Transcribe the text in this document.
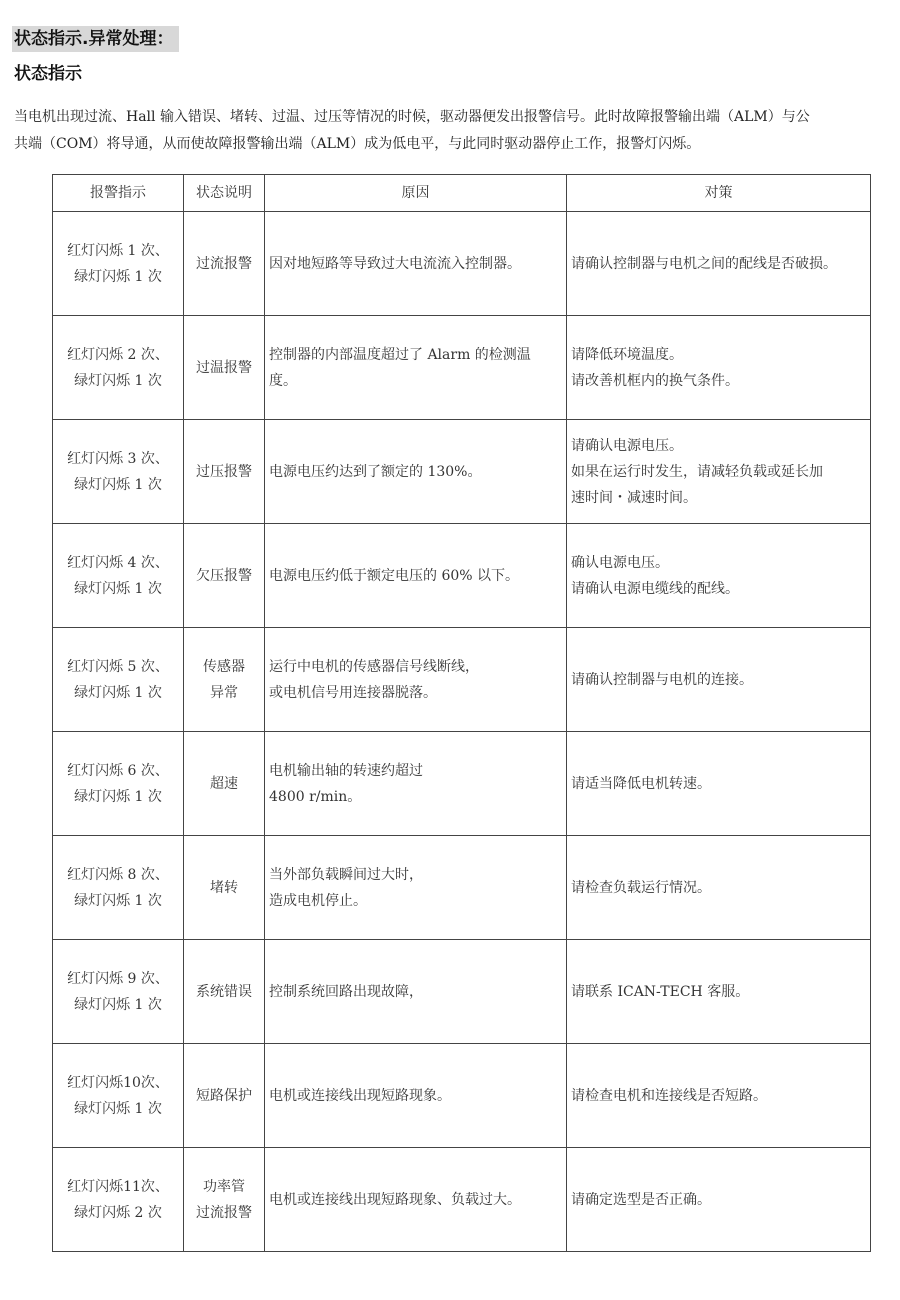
状态指示.异常处理：
状态指示
当电机出现过流、Hall 输入错误、堵转、过温、过压等情况的时候，驱动器便发出报警信号。此时故障报警输出端（ALM）与公
共端（COM）将导通，从而使故障报警输出端（ALM）成为低电平，与此同时驱动器停止工作，报警灯闪烁。
报警指示	状态说明	原因	对策

红灯闪烁 1 次、
绿灯闪烁 1 次	过流报警	因对地短路等导致过大电流流入控制器。	请确认控制器与电机之间的配线是否破损。

红灯闪烁 2 次、
绿灯闪烁 1 次	过温报警	控制器的内部温度超过了 Alarm 的检测温
度。	请降低环境温度。
请改善机框内的换气条件。

红灯闪烁 3 次、
绿灯闪烁 1 次	过压报警	电源电压约达到了额定的 130%。	请确认电源电压。
如果在运行时发生，请减轻负载或延长加
速时间・减速时间。

红灯闪烁 4 次、
绿灯闪烁 1 次	欠压报警	电源电压约低于额定电压的 60% 以下。	确认电源电压。
请确认电源电缆线的配线。

红灯闪烁 5 次、
绿灯闪烁 1 次	传感器
异常	运行中电机的传感器信号线断线，
或电机信号用连接器脱落。	请确认控制器与电机的连接。

红灯闪烁 6 次、
绿灯闪烁 1 次	超速	电机输出轴的转速约超过
4800 r/min。	请适当降低电机转速。

红灯闪烁 8 次、
绿灯闪烁 1 次	堵转	当外部负载瞬间过大时，
造成电机停止。	请检查负载运行情况。

红灯闪烁 9 次、
绿灯闪烁 1 次	系统错误	控制系统回路出现故障，	请联系 ICAN-TECH 客服。

红灯闪烁10次、
绿灯闪烁 1 次	短路保护	电机或连接线出现短路现象。	请检查电机和连接线是否短路。

红灯闪烁11次、
绿灯闪烁 2 次	功率管
过流报警	电机或连接线出现短路现象、负载过大。	请确定选型是否正确。
